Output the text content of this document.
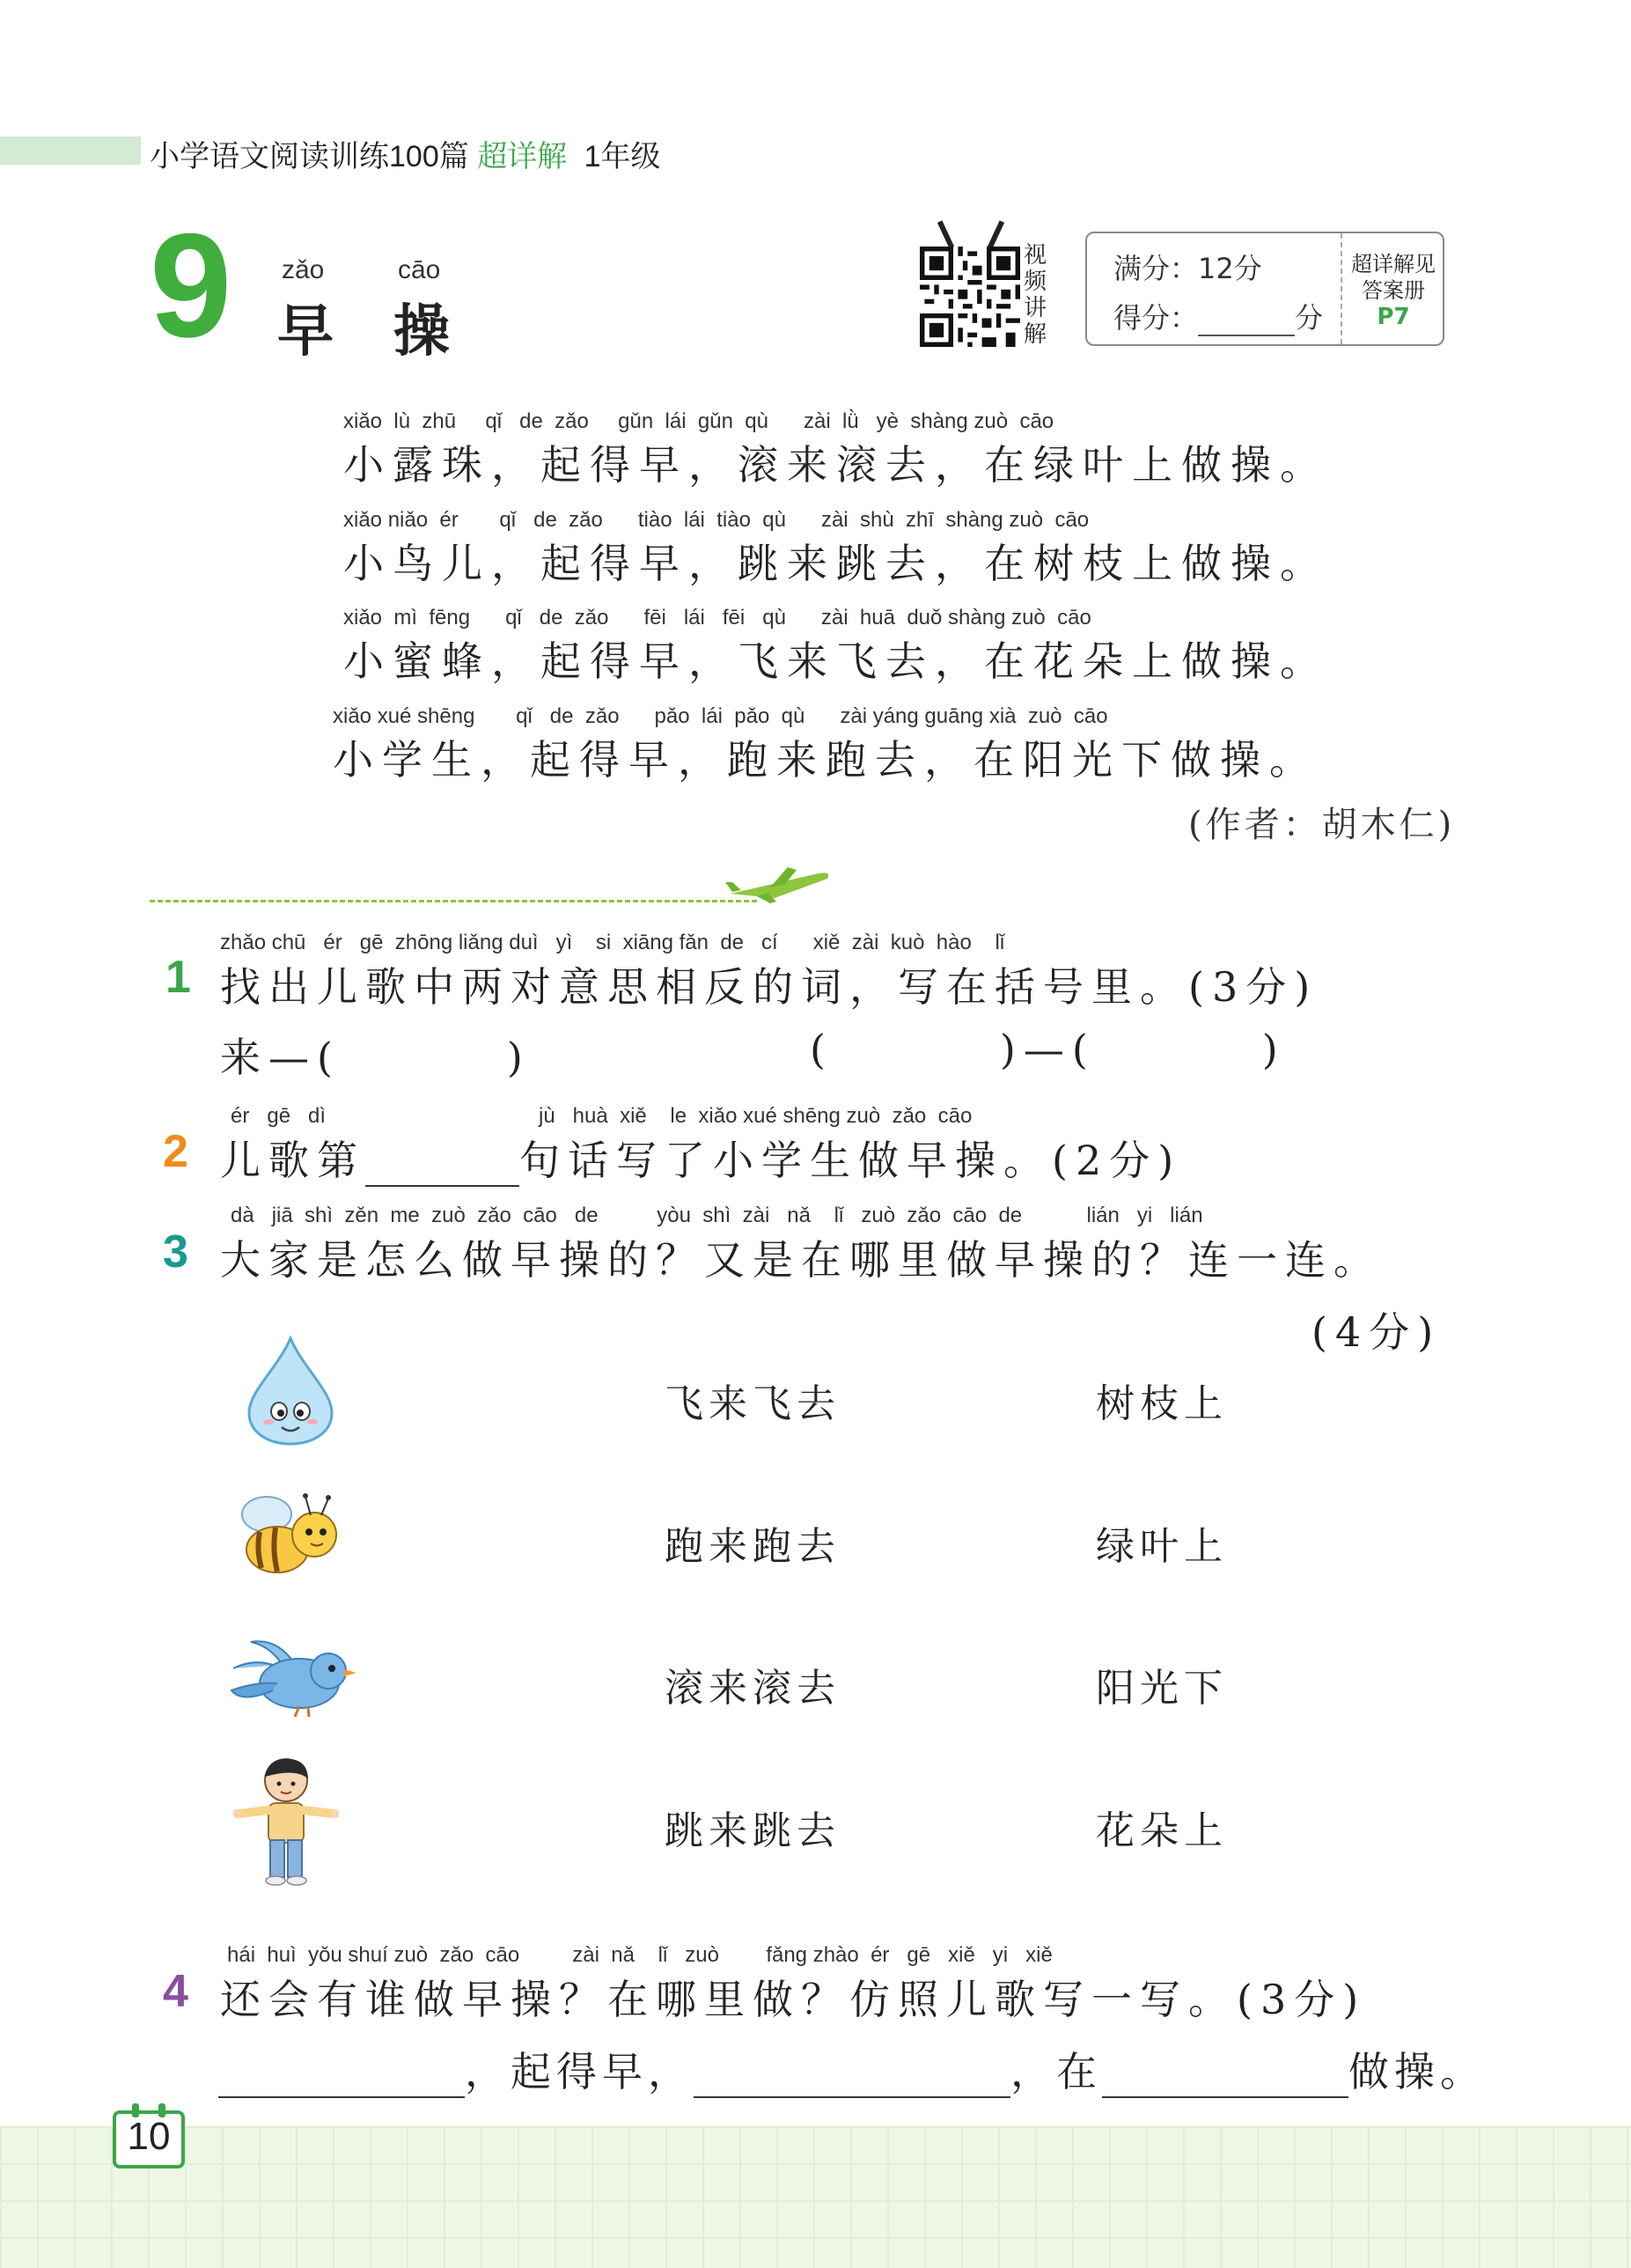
小学语文阅读训练100篇 超详解 1年级
9 zǎo	cāo
早 操
视
频
讲
解
满分：12分
得分：	分
超详解见
答案册
P7
xiǎo  lù  zhū     qǐ   de  zǎo     gǔn  lái  gǔn  qù      zài  lǜ   yè  shàng zuò  cāo
小露珠，起得早，滚来滚去，在绿叶上做操。
xiǎo niǎo  ér       qǐ   de  zǎo      tiào  lái  tiào  qù      zài  shù  zhī  shàng zuò  cāo
小鸟儿，起得早，跳来跳去，在树枝上做操。
xiǎo  mì  fēng      qǐ   de  zǎo      fēi   lái   fēi   qù      zài  huā  duǒ shàng zuò  cāo
小蜜蜂，起得早，飞来飞去，在花朵上做操。
xiǎo xué shēng       qǐ   de  zǎo      pǎo  lái  pǎo  qù      zài yáng guāng xià  zuò  cāo
小学生，起得早，跑来跑去，在阳光下做操。
(作者：胡木仁)
1
zhǎo chū   ér   gē  zhōng liǎng duì   yì    si  xiāng fǎn  de   cí      xiě  zài  kuò  hào    lǐ
找出儿歌中两对意思相反的词，写在括号里。(3分)
来—(        )	(        )—(        )
2
ér   gē   dì	jù   huà  xiě    le  xiǎo xué shēng zuò  zǎo  cāo
儿歌第	句话写了小学生做早操。(2分)
3
dà   jiā  shì  zěn  me  zuò  zǎo  cāo   de          yòu  shì  zài   nǎ    lǐ   zuò  zǎo  cāo  de           lián   yi   lián
大家是怎么做早操的？又是在哪里做早操的？连一连。
(4分)
飞来飞去
跑来跑去
滚来滚去
跳来跳去
树枝上
绿叶上
阳光下
花朵上
4
hái  huì  yǒu shuí zuò  zǎo  cāo         zài  nǎ    lǐ   zuò        fǎng zhào  ér   gē   xiě   yi   xiě
还会有谁做早操？在哪里做？仿照儿歌写一写。(3分)
，起得早，	，在	做操。
10
